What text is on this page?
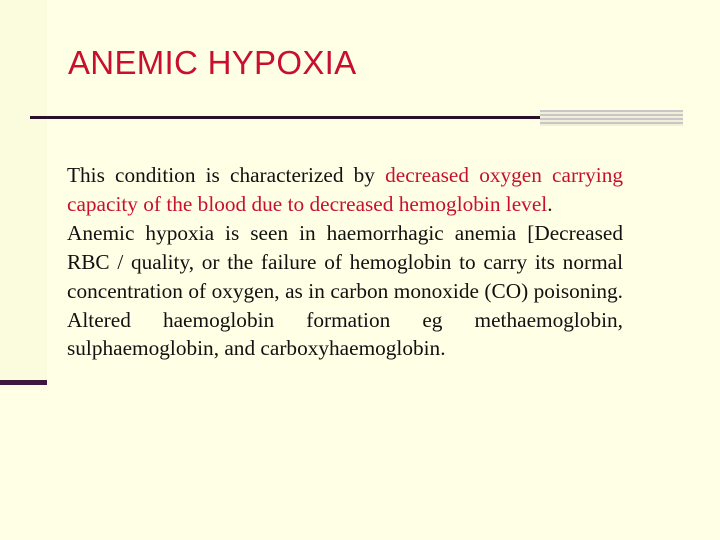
ANEMIC HYPOXIA

This condition is characterized by decreased oxygen carrying capacity of the blood due to decreased hemoglobin level.

Anemic hypoxia is seen in haemorrhagic anemia [Decreased RBC / quality, or the failure of hemoglobin to carry its normal concentration of oxygen, as in carbon monoxide (CO) poisoning. Altered haemoglobin formation eg methaemoglobin, sulphaemoglobin, and carboxyhaemoglobin.
